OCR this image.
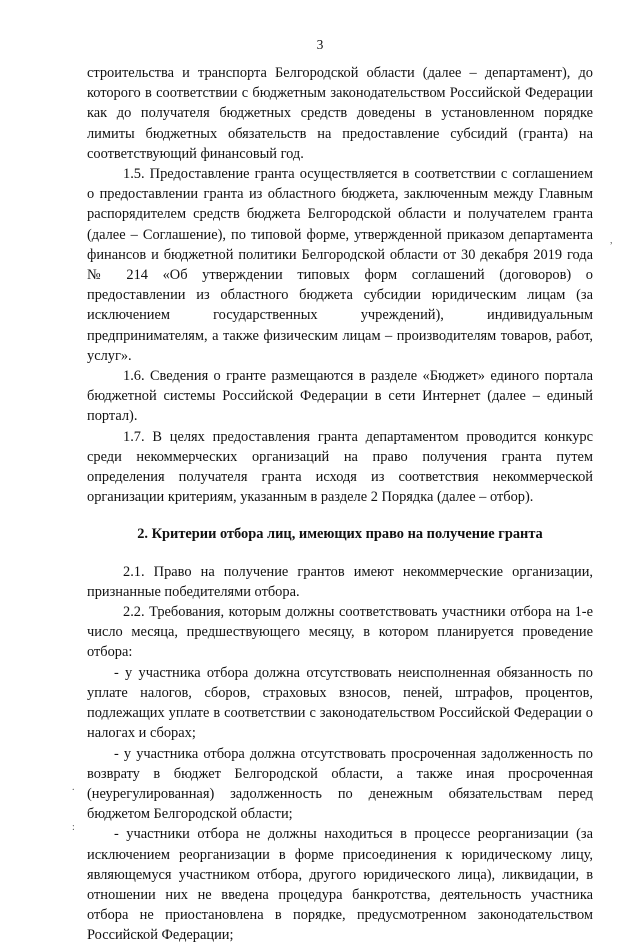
3

строительства и транспорта Белгородской области (далее – департамент), до которого в соответствии с бюджетным законодательством Российской Федерации как до получателя бюджетных средств доведены в установленном порядке лимиты бюджетных обязательств на предоставление субсидий (гранта) на соответствующий финансовый год.

1.5. Предоставление гранта осуществляется в соответствии с соглашением о предоставлении гранта из областного бюджета, заключенным между Главным распорядителем средств бюджета Белгородской области и получателем гранта (далее – Соглашение), по типовой форме, утвержденной приказом департамента финансов и бюджетной политики Белгородской области от 30 декабря 2019 года № 214 «Об утверждении типовых форм соглашений (договоров) о предоставлении из областного бюджета субсидии юридическим лицам (за исключением государственных учреждений), индивидуальным предпринимателям, а также физическим лицам – производителям товаров, работ, услуг».

1.6. Сведения о гранте размещаются в разделе «Бюджет» единого портала бюджетной системы Российской Федерации в сети Интернет (далее – единый портал).

1.7. В целях предоставления гранта департаментом проводится конкурс среди некоммерческих организаций на право получения гранта путем определения получателя гранта исходя из соответствия некоммерческой организации критериям, указанным в разделе 2 Порядка (далее – отбор).

2. Критерии отбора лиц, имеющих право на получение гранта

2.1. Право на получение грантов имеют некоммерческие организации, признанные победителями отбора.

2.2. Требования, которым должны соответствовать участники отбора на 1-е число месяца, предшествующего месяцу, в котором планируется проведение отбора:

- у участника отбора должна отсутствовать неисполненная обязанность по уплате налогов, сборов, страховых взносов, пеней, штрафов, процентов, подлежащих уплате в соответствии с законодательством Российской Федерации о налогах и сборах;

- у участника отбора должна отсутствовать просроченная задолженность по возврату в бюджет Белгородской области, а также иная просроченная (неурегулированная) задолженность по денежным обязательствам перед бюджетом Белгородской области;

- участники отбора не должны находиться в процессе реорганизации (за исключением реорганизации в форме присоединения к юридическому лицу, являющемуся участником отбора, другого юридического лица), ликвидации, в отношении них не введена процедура банкротства, деятельность участника отбора не приостановлена в порядке, предусмотренном законодательством Российской Федерации;

,
.
:
